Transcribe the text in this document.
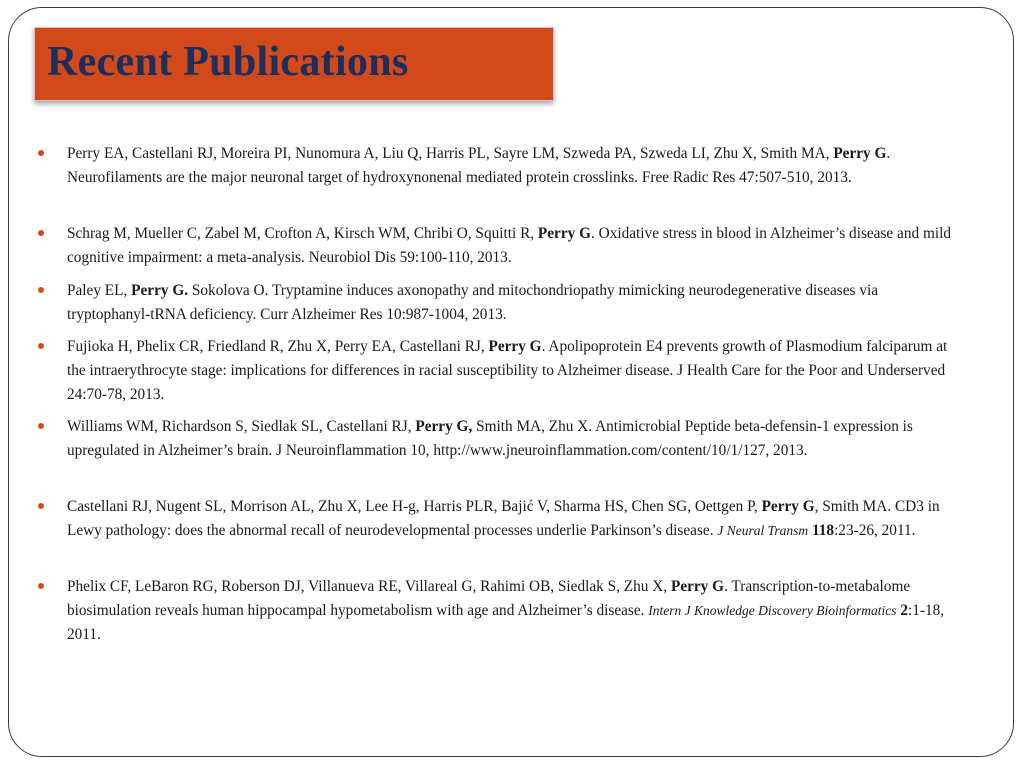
Recent Publications
Perry EA, Castellani RJ, Moreira PI, Nunomura A, Liu Q, Harris PL, Sayre LM, Szweda PA, Szweda LI, Zhu X, Smith MA, Perry G. Neurofilaments are the major neuronal target of hydroxynonenal mediated protein crosslinks. Free Radic Res 47:507-510, 2013.
Schrag M, Mueller C, Zabel M, Crofton A, Kirsch WM, Chribi O, Squitti R, Perry G. Oxidative stress in blood in Alzheimer’s disease and mild cognitive impairment: a meta-analysis. Neurobiol Dis 59:100-110, 2013.
Paley EL, Perry G. Sokolova O. Tryptamine induces axonopathy and mitochondriopathy mimicking neurodegenerative diseases via tryptophanyl-tRNA deficiency. Curr Alzheimer Res 10:987-1004, 2013.
Fujioka H, Phelix CR, Friedland R, Zhu X, Perry EA, Castellani RJ, Perry G. Apolipoprotein E4 prevents growth of Plasmodium falciparum at the intraerythrocyte stage: implications for differences in racial susceptibility to Alzheimer disease. J Health Care for the Poor and Underserved 24:70-78, 2013.
Williams WM, Richardson S, Siedlak SL, Castellani RJ, Perry G, Smith MA, Zhu X. Antimicrobial Peptide beta-defensin-1 expression is upregulated in Alzheimer’s brain. J Neuroinflammation 10, http://www.jneuroinflammation.com/content/10/1/127, 2013.
Castellani RJ, Nugent SL, Morrison AL, Zhu X, Lee H-g, Harris PLR, Bajić V, Sharma HS, Chen SG, Oettgen P, Perry G, Smith MA. CD3 in Lewy pathology: does the abnormal recall of neurodevelopmental processes underlie Parkinson’s disease. J Neural Transm 118:23-26, 2011.
Phelix CF, LeBaron RG, Roberson DJ, Villanueva RE, Villareal G, Rahimi OB, Siedlak S, Zhu X, Perry G. Transcription-to-metabalome biosimulation reveals human hippocampal hypometabolism with age and Alzheimer’s disease. Intern J Knowledge Discovery Bioinformatics 2:1-18, 2011.
